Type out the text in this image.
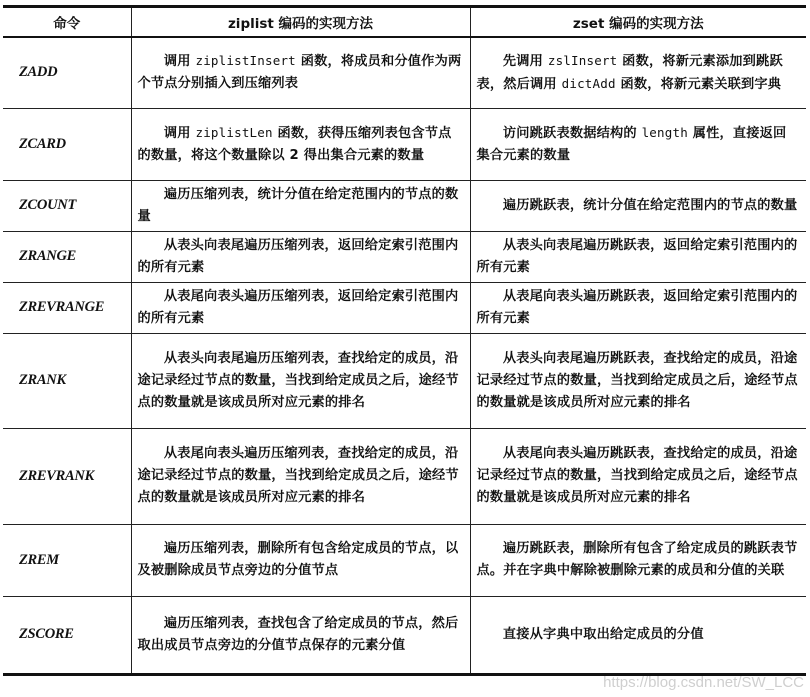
命令	ziplist 编码的实现方法	zset 编码的实现方法
ZADD	调用 ziplistInsert 函数，将成员和分值作为两个节点分别插入到压缩列表	先调用 zslInsert 函数，将新元素添加到跳跃表，然后调用 dictAdd 函数，将新元素关联到字典
ZCARD	调用 ziplistLen 函数，获得压缩列表包含节点的数量，将这个数量除以 2 得出集合元素的数量	访问跳跃表数据结构的 length 属性，直接返回集合元素的数量
ZCOUNT	遍历压缩列表，统计分值在给定范围内的节点的数量	遍历跳跃表，统计分值在给定范围内的节点的数量
ZRANGE	从表头向表尾遍历压缩列表，返回给定索引范围内的所有元素	从表头向表尾遍历跳跃表，返回给定索引范围内的所有元素
ZREVRANGE	从表尾向表头遍历压缩列表，返回给定索引范围内的所有元素	从表尾向表头遍历跳跃表，返回给定索引范围内的所有元素
ZRANK	从表头向表尾遍历压缩列表，查找给定的成员，沿途记录经过节点的数量，当找到给定成员之后，途经节点的数量就是该成员所对应元素的排名	从表头向表尾遍历跳跃表，查找给定的成员，沿途记录经过节点的数量，当找到给定成员之后，途经节点的数量就是该成员所对应元素的排名
ZREVRANK	从表尾向表头遍历压缩列表，查找给定的成员，沿途记录经过节点的数量，当找到给定成员之后，途经节点的数量就是该成员所对应元素的排名	从表尾向表头遍历跳跃表，查找给定的成员，沿途记录经过节点的数量，当找到给定成员之后，途经节点的数量就是该成员所对应元素的排名
ZREM	遍历压缩列表，删除所有包含给定成员的节点，以及被删除成员节点旁边的分值节点	遍历跳跃表，删除所有包含了给定成员的跳跃表节点。并在字典中解除被删除元素的成员和分值的关联
ZSCORE	遍历压缩列表，查找包含了给定成员的节点，然后取出成员节点旁边的分值节点保存的元素分值	直接从字典中取出给定成员的分值
https://blog.csdn.net/SW_LCC
